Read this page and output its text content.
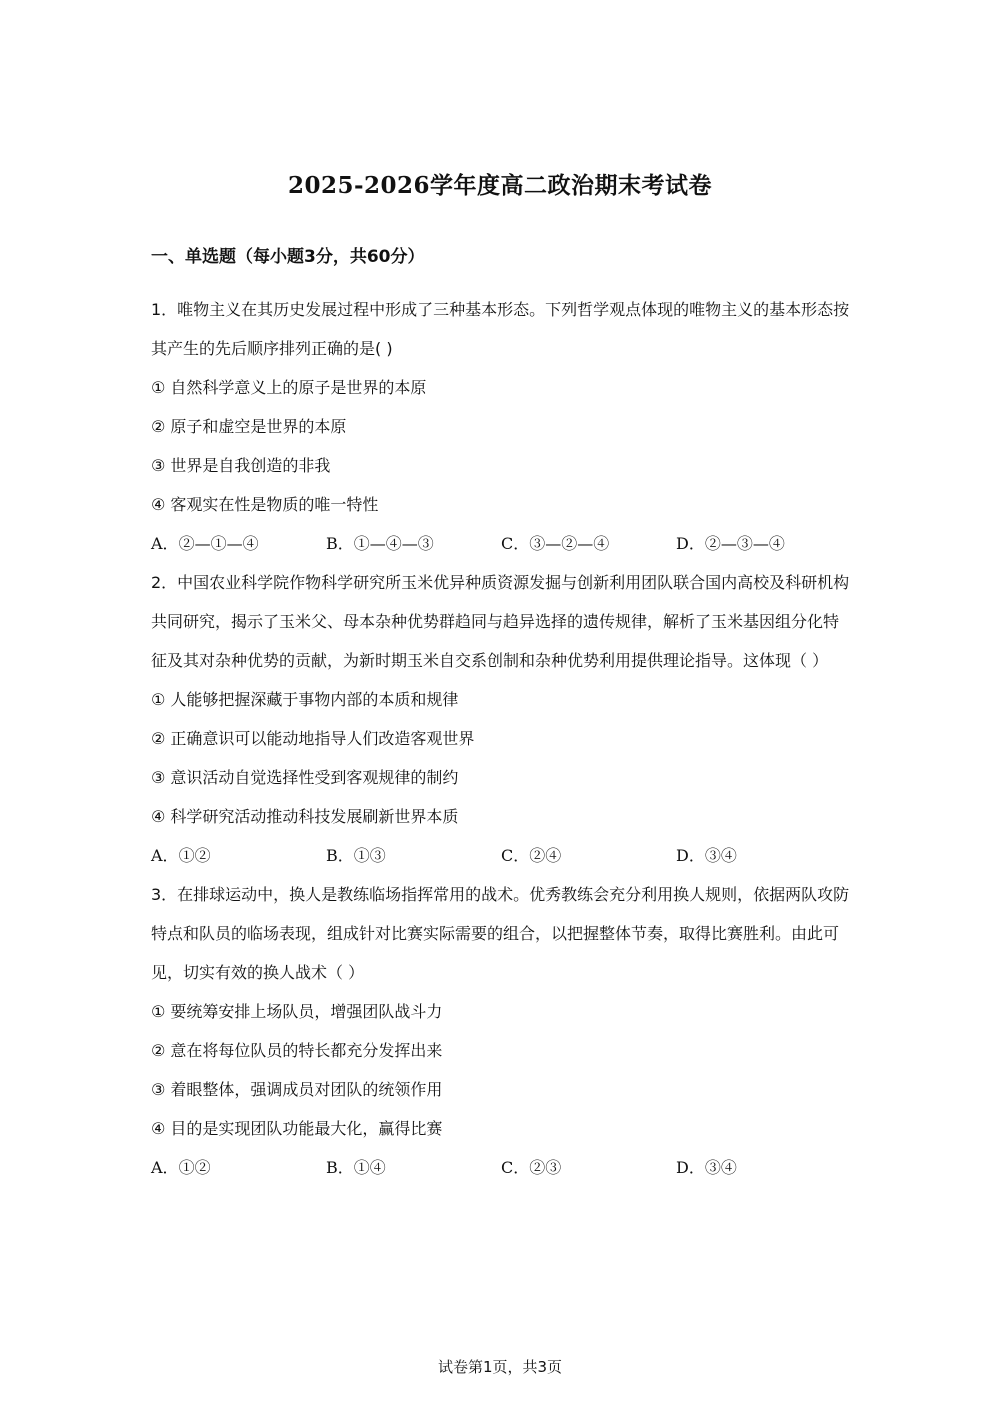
2025-2026学年度高二政治期末考试卷
一、单选题（每小题3分，共60分）

1．唯物主义在其历史发展过程中形成了三种基本形态。下列哲学观点体现的唯物主义的基本形态按其产生的先后顺序排列正确的是( )

① 自然科学意义上的原子是世界的本原

② 原子和虚空是世界的本原

③ 世界是自我创造的非我

④ 客观实在性是物质的唯一特性

A．②—①—④	B．①—④—③	C．③—②—④	D．②—③—④

2．中国农业科学院作物科学研究所玉米优异种质资源发掘与创新利用团队联合国内高校及科研机构共同研究，揭示了玉米父、母本杂种优势群趋同与趋异选择的遗传规律，解析了玉米基因组分化特征及其对杂种优势的贡献，为新时期玉米自交系创制和杂种优势利用提供理论指导。这体现（ ）

① 人能够把握深藏于事物内部的本质和规律

② 正确意识可以能动地指导人们改造客观世界

③ 意识活动自觉选择性受到客观规律的制约

④ 科学研究活动推动科技发展刷新世界本质

A．①②	B．①③	C．②④	D．③④

3．在排球运动中，换人是教练临场指挥常用的战术。优秀教练会充分利用换人规则，依据两队攻防特点和队员的临场表现，组成针对比赛实际需要的组合，以把握整体节奏，取得比赛胜利。由此可见，切实有效的换人战术（ ）

① 要统筹安排上场队员，增强团队战斗力

② 意在将每位队员的特长都充分发挥出来

③ 着眼整体，强调成员对团队的统领作用

④ 目的是实现团队功能最大化，赢得比赛

A．①②	B．①④	C．②③	D．③④
试卷第1页，共3页
